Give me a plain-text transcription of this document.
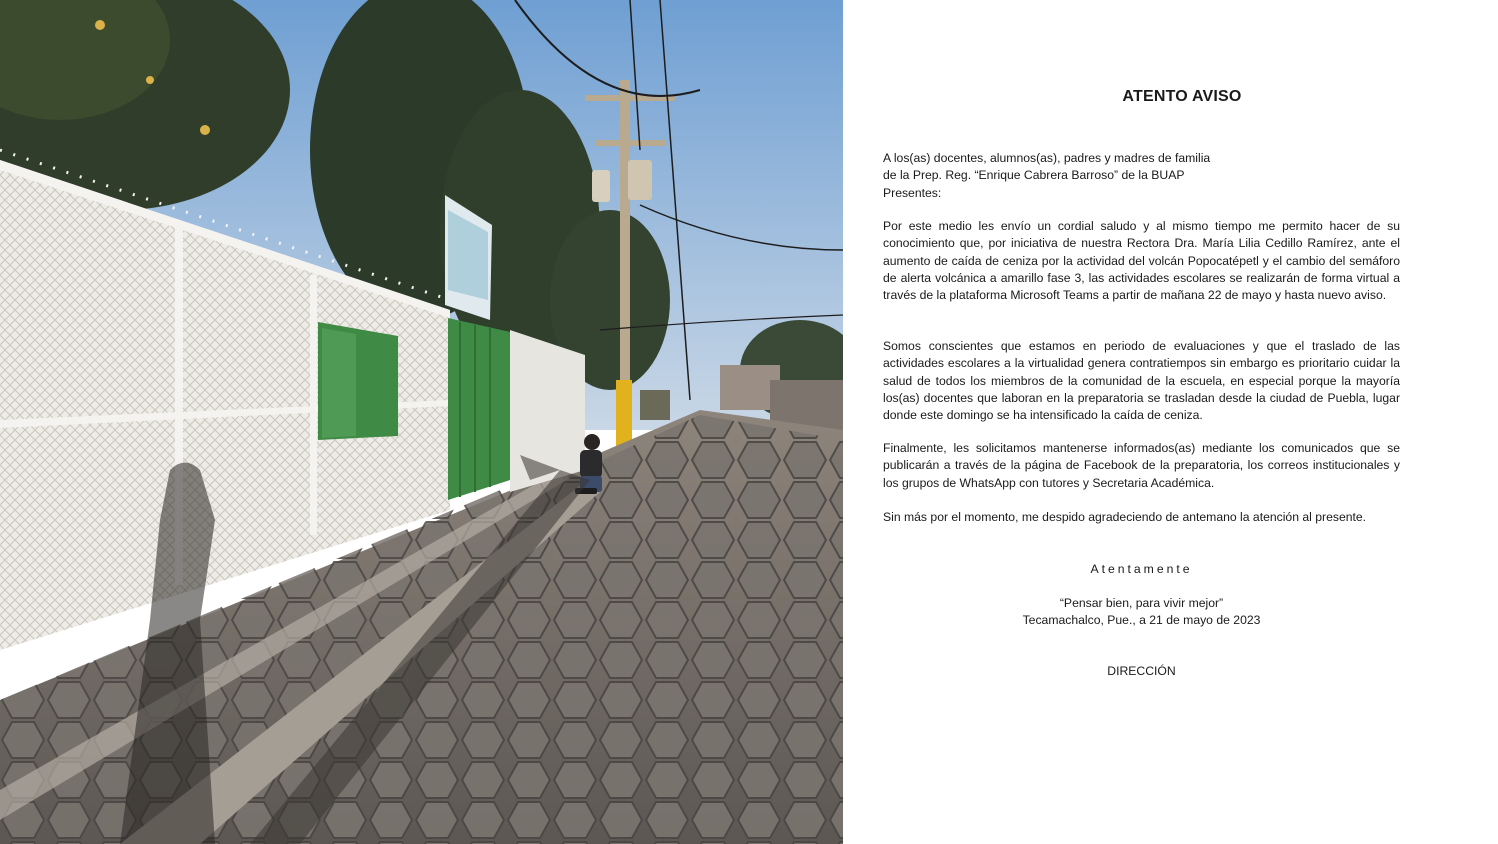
ATENTO AVISO
A los(as) docentes, alumnos(as), padres y madres de familia
de la Prep. Reg. “Enrique Cabrera Barroso” de la BUAP
Presentes:
Por este medio les envío un cordial saludo y al mismo tiempo me permito hacer de su conocimiento que, por iniciativa de nuestra Rectora Dra. María Lilia Cedillo Ramírez, ante el aumento de caída de ceniza por la actividad del volcán Popocatépetl y el cambio del semáforo de alerta volcánica a amarillo fase 3, las actividades escolares se realizarán de forma virtual a través de la plataforma Microsoft Teams a partir de mañana 22 de mayo y hasta nuevo aviso.
Somos conscientes que estamos en periodo de evaluaciones y que el traslado de las actividades escolares a la virtualidad genera contratiempos sin embargo es prioritario cuidar la salud de todos los miembros de la comunidad de la escuela, en especial porque la mayoría los(as) docentes que laboran en la preparatoria se trasladan desde la ciudad de Puebla, lugar donde este domingo se ha intensificado la caída de ceniza.
Finalmente, les solicitamos mantenerse informados(as) mediante los comunicados que se publicarán a través de la página de Facebook de la preparatoria, los correos institucionales y los grupos de WhatsApp con tutores y Secretaria Académica.
Sin más por el momento, me despido agradeciendo de antemano la atención al presente.
Atentamente
“Pensar bien, para vivir mejor”
Tecamachalco, Pue., a 21 de mayo de 2023
DIRECCIÓN
